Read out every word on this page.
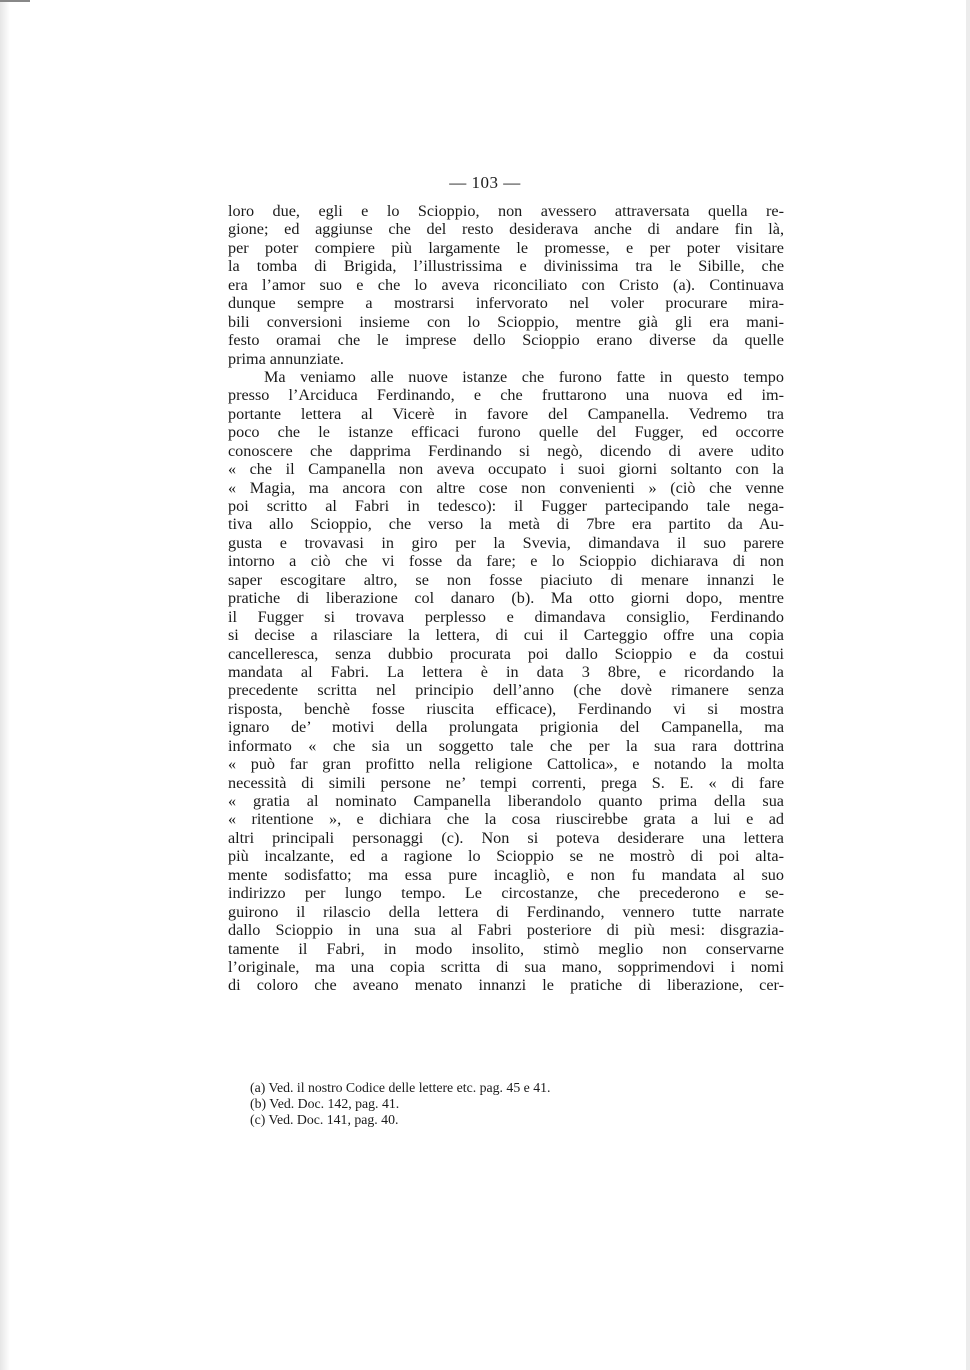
— 103 —
loro due, egli e lo Scioppio, non avessero attraversata quella re-
gione; ed aggiunse che del resto desiderava anche di andare fin là,
per poter compiere più largamente le promesse, e per poter visitare
la tomba di Brigida, l’illustrissima e divinissima tra le Sibille, che
era l’amor suo e che lo aveva riconciliato con Cristo (a). Continuava
dunque sempre a mostrarsi infervorato nel voler procurare mira-
bili conversioni insieme con lo Scioppio, mentre già gli era mani-
festo oramai che le imprese dello Scioppio erano diverse da quelle
prima annunziate.
Ma veniamo alle nuove istanze che furono fatte in questo tempo
presso l’Arciduca Ferdinando, e che fruttarono una nuova ed im-
portante lettera al Vicerè in favore del Campanella. Vedremo tra
poco che le istanze efficaci furono quelle del Fugger, ed occorre
conoscere che dapprima Ferdinando si negò, dicendo di avere udito
« che il Campanella non aveva occupato i suoi giorni soltanto con la
« Magia, ma ancora con altre cose non convenienti » (ciò che venne
poi scritto al Fabri in tedesco): il Fugger partecipando tale nega-
tiva allo Scioppio, che verso la metà di 7bre era partito da Au-
gusta e trovavasi in giro per la Svevia, dimandava il suo parere
intorno a ciò che vi fosse da fare; e lo Scioppio dichiarava di non
saper escogitare altro, se non fosse piaciuto di menare innanzi le
pratiche di liberazione col danaro (b). Ma otto giorni dopo, mentre
il Fugger si trovava perplesso e dimandava consiglio, Ferdinando
si decise a rilasciare la lettera, di cui il Carteggio offre una copia
cancelleresca, senza dubbio procurata poi dallo Scioppio e da costui
mandata al Fabri. La lettera è in data 3 8bre, e ricordando la
precedente scritta nel principio dell’anno (che dovè rimanere senza
risposta, benchè fosse riuscita efficace), Ferdinando vi si mostra
ignaro de’ motivi della prolungata prigionia del Campanella, ma
informato « che sia un soggetto tale che per la sua rara dottrina
« può far gran profitto nella religione Cattolica», e notando la molta
necessità di simili persone ne’ tempi correnti, prega S. E. « di fare
« gratia al nominato Campanella liberandolo quanto prima della sua
« ritentione », e dichiara che la cosa riuscirebbe grata a lui e ad
altri principali personaggi (c). Non si poteva desiderare una lettera
più incalzante, ed a ragione lo Scioppio se ne mostrò di poi alta-
mente sodisfatto; ma essa pure incagliò, e non fu mandata al suo
indirizzo per lungo tempo. Le circostanze, che precederono e se-
guirono il rilascio della lettera di Ferdinando, vennero tutte narrate
dallo Scioppio in una sua al Fabri posteriore di più mesi: disgrazia-
tamente il Fabri, in modo insolito, stimò meglio non conservarne
l’originale, ma una copia scritta di sua mano, sopprimendovi i nomi
di coloro che aveano menato innanzi le pratiche di liberazione, cer-
(a) Ved. il nostro Codice delle lettere etc. pag. 45 e 41.
(b) Ved. Doc. 142, pag. 41.
(c) Ved. Doc. 141, pag. 40.
